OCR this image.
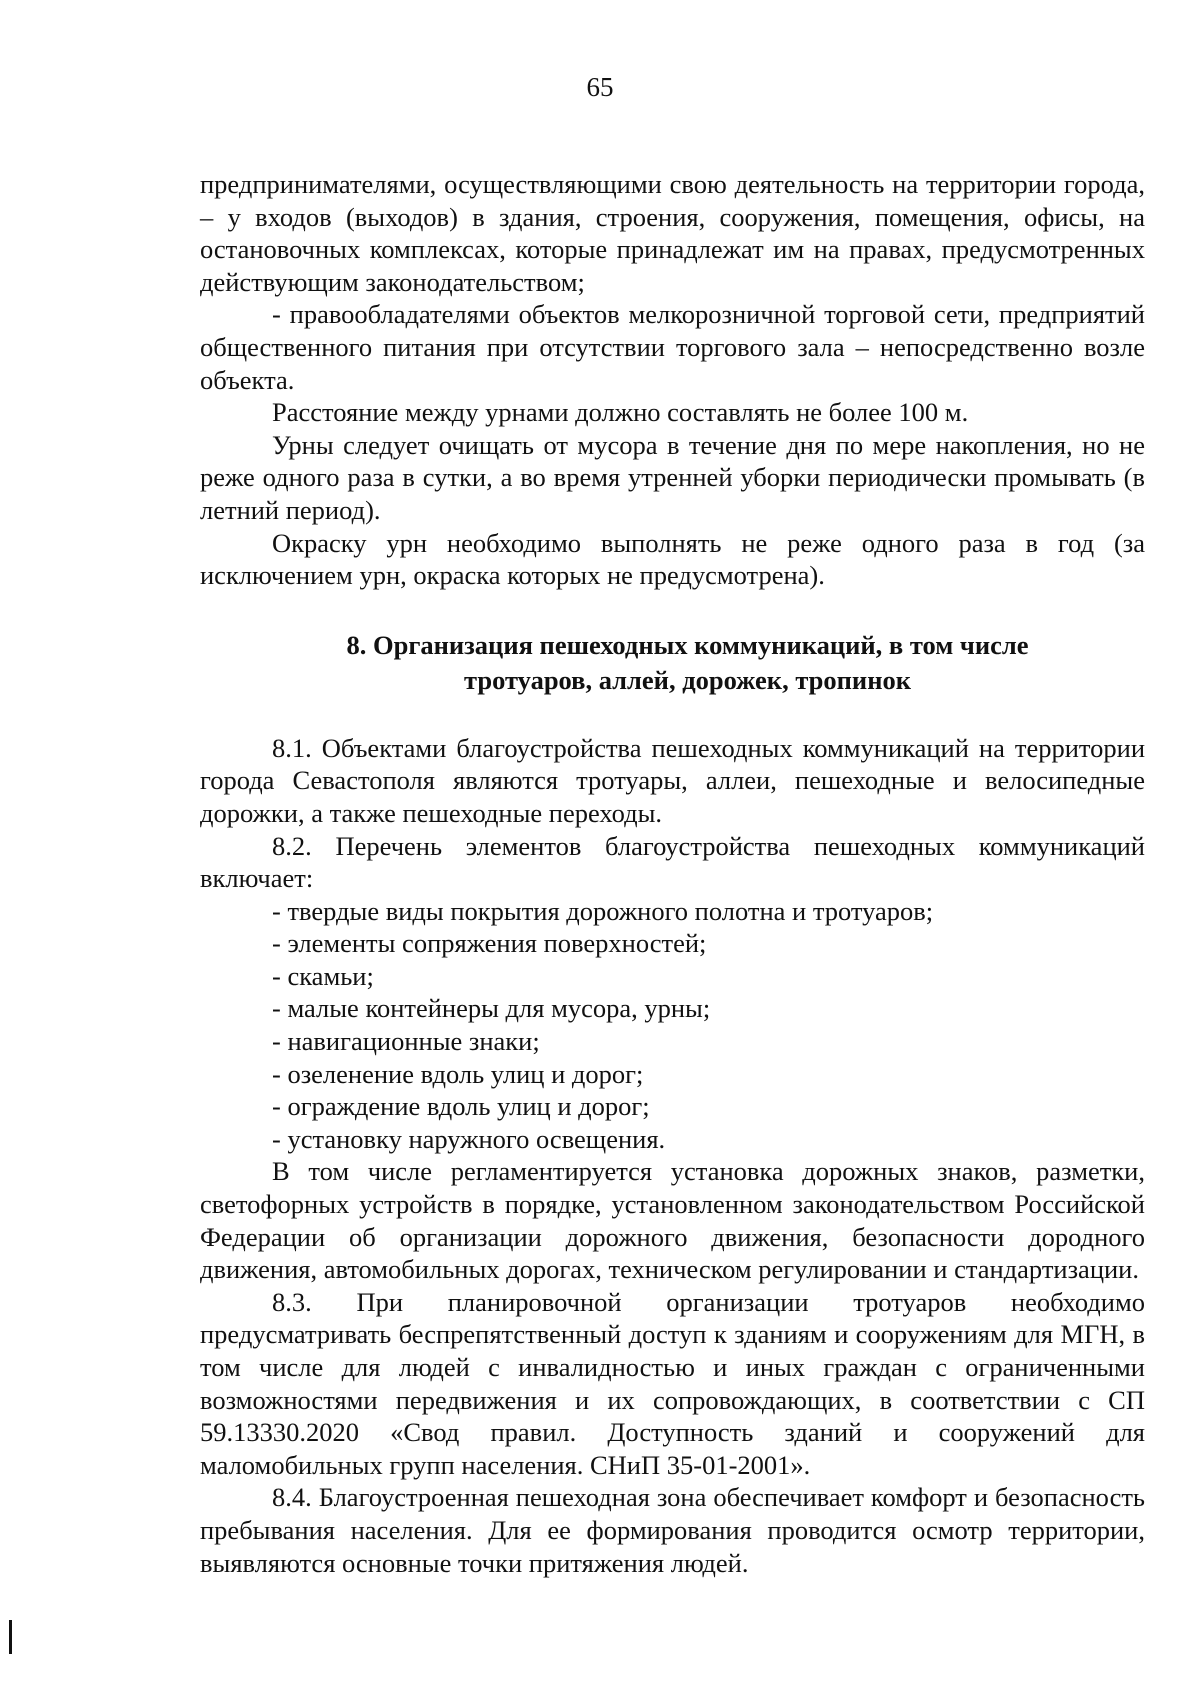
65

предпринимателями, осуществляющими свою деятельность на территории города, – у входов (выходов) в здания, строения, сооружения, помещения, офисы, на остановочных комплексах, которые принадлежат им на правах, предусмотренных действующим законодательством;

- правообладателями объектов мелкорозничной торговой сети, предприятий общественного питания при отсутствии торгового зала – непосредственно возле объекта.

Расстояние между урнами должно составлять не более 100 м.

Урны следует очищать от мусора в течение дня по мере накопления, но не реже одного раза в сутки, а во время утренней уборки периодически промывать (в летний период).

Окраску урн необходимо выполнять не реже одного раза в год (за исключением урн, окраска которых не предусмотрена).

8. Организация пешеходных коммуникаций, в том числе
тротуаров, аллей, дорожек, тропинок

8.1. Объектами благоустройства пешеходных коммуникаций на территории города Севастополя являются тротуары, аллеи, пешеходные и велосипедные дорожки, а также пешеходные переходы.

8.2. Перечень элементов благоустройства пешеходных коммуникаций включает:

- твердые виды покрытия дорожного полотна и тротуаров;
- элементы сопряжения поверхностей;
- скамьи;
- малые контейнеры для мусора, урны;
- навигационные знаки;
- озеленение вдоль улиц и дорог;
- ограждение вдоль улиц и дорог;
- установку наружного освещения.

В том числе регламентируется установка дорожных знаков, разметки, светофорных устройств в порядке, установленном законодательством Российской Федерации об организации дорожного движения, безопасности дородного движения, автомобильных дорогах, техническом регулировании и стандартизации.

8.3. При планировочной организации тротуаров необходимо предусматривать беспрепятственный доступ к зданиям и сооружениям для МГН, в том числе для людей с инвалидностью и иных граждан с ограниченными возможностями передвижения и их сопровождающих, в соответствии с СП 59.13330.2020 «Свод правил. Доступность зданий и сооружений для маломобильных групп населения. СНиП 35-01-2001».

8.4. Благоустроенная пешеходная зона обеспечивает комфорт и безопасность пребывания населения. Для ее формирования проводится осмотр территории, выявляются основные точки притяжения людей.
